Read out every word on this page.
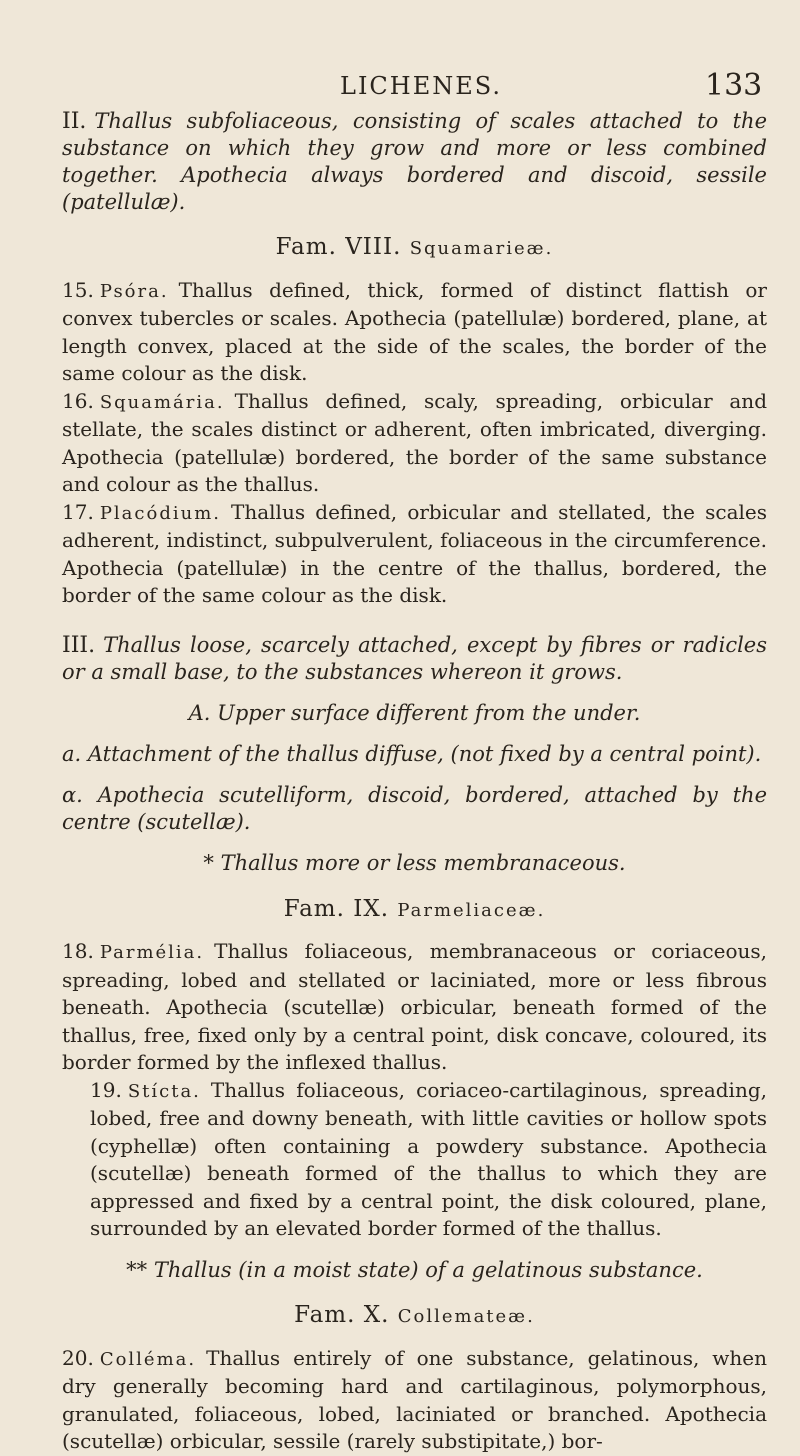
LICHENES.	133

II. Thallus subfoliaceous, consisting of scales attached to the substance on which they grow and more or less combined together. Apothecia always bordered and discoid, sessile (patellulæ).

Fam. VIII. Squamarieæ.

15. Psóra. Thallus defined, thick, formed of distinct flattish or convex tubercles or scales. Apothecia (patellulæ) bordered, plane, at length convex, placed at the side of the scales, the border of the same colour as the disk.

16. Squamária. Thallus defined, scaly, spreading, orbicular and stellate, the scales distinct or adherent, often imbricated, diverging. Apothecia (patellulæ) bordered, the border of the same substance and colour as the thallus.

17. Placódium. Thallus defined, orbicular and stellated, the scales adherent, indistinct, subpulverulent, foliaceous in the circumference. Apothecia (patellulæ) in the centre of the thallus, bordered, the border of the same colour as the disk.

III. Thallus loose, scarcely attached, except by fibres or radicles or a small base, to the substances whereon it grows.

A. Upper surface different from the under.

a. Attachment of the thallus diffuse, (not fixed by a central point).

α. Apothecia scutelliform, discoid, bordered, attached by the centre (scutellæ).

* Thallus more or less membranaceous.

Fam. IX. Parmeliaceæ.

18. Parmélia. Thallus foliaceous, membranaceous or coriaceous, spreading, lobed and stellated or laciniated, more or less fibrous beneath. Apothecia (scutellæ) orbicular, beneath formed of the thallus, free, fixed only by a central point, disk concave, coloured, its border formed by the inflexed thallus.

19. Stícta. Thallus foliaceous, coriaceo-cartilaginous, spreading, lobed, free and downy beneath, with little cavities or hollow spots (cyphellæ) often containing a powdery substance. Apothecia (scutellæ) beneath formed of the thallus to which they are appressed and fixed by a central point, the disk coloured, plane, surrounded by an elevated border formed of the thallus.

** Thallus (in a moist state) of a gelatinous substance.

Fam. X. Collemateæ.

20. Colléma. Thallus entirely of one substance, gelatinous, when dry generally becoming hard and cartilaginous, polymorphous, granulated, foliaceous, lobed, laciniated or branched. Apothecia (scutellæ) orbicular, sessile (rarely substipitate,) bor-
